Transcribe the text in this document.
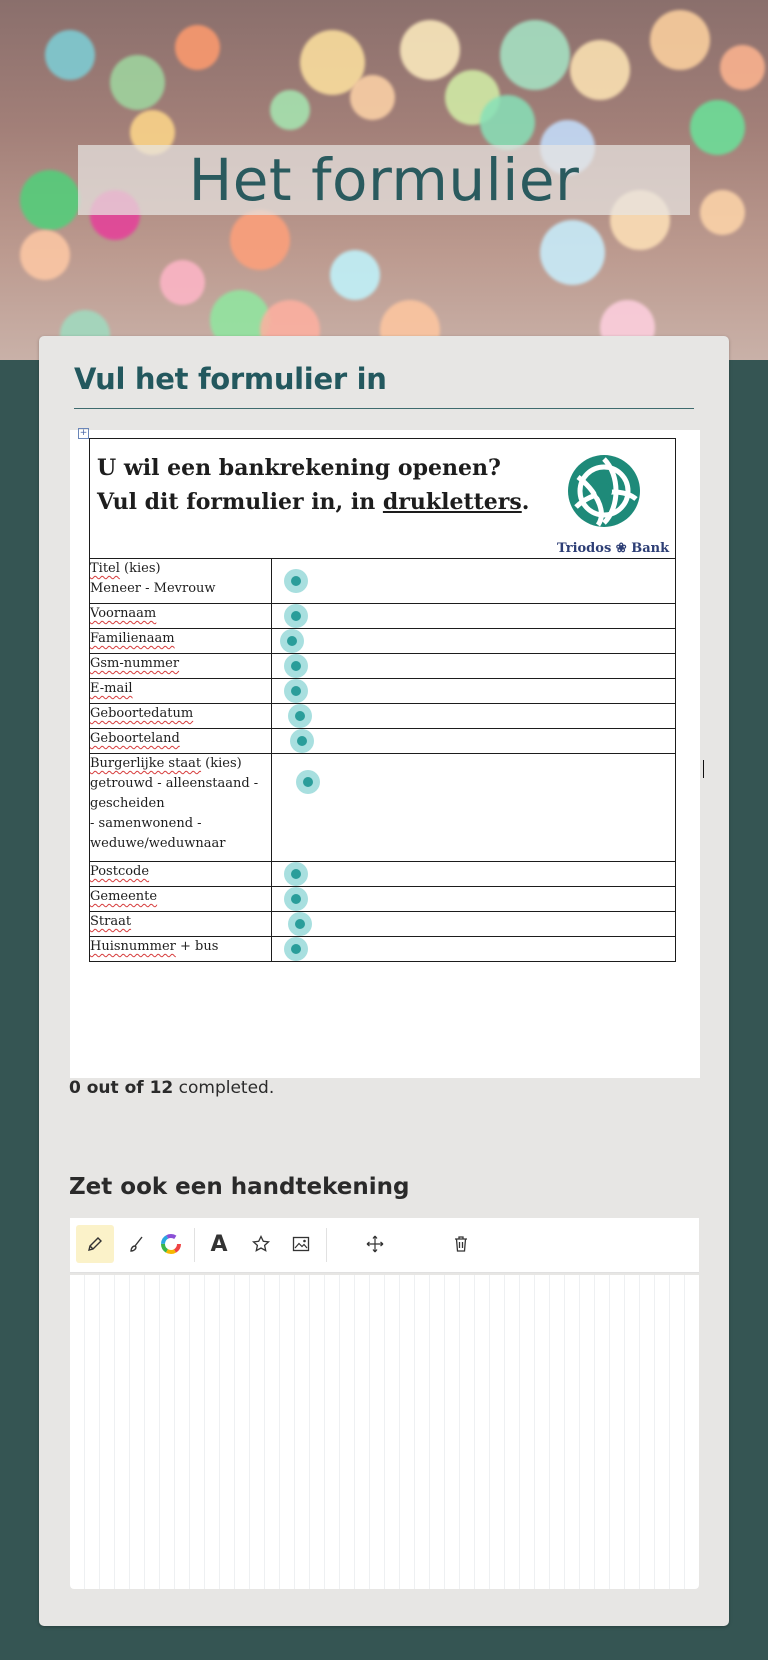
Het formulier
Vul het formulier in
+
U wil een bankrekening openen?
Vul dit formulier in, in drukletters.
Triodos ❀ Bank	

Titel (kies)
Meneer - Mevrouw	

Voornaam	

Familienaam	

Gsm-nummer	

E-mail	

Geboortedatum	

Geboorteland	

Burgerlijke staat (kies)
getrouwd - alleenstaand -
gescheiden
- samenwonend -
weduwe/weduwnaar	

Postcode	

Gemeente	

Straat	

Huisnummer + bus	
0 out of 12 completed.
Zet ook een handtekening
A
